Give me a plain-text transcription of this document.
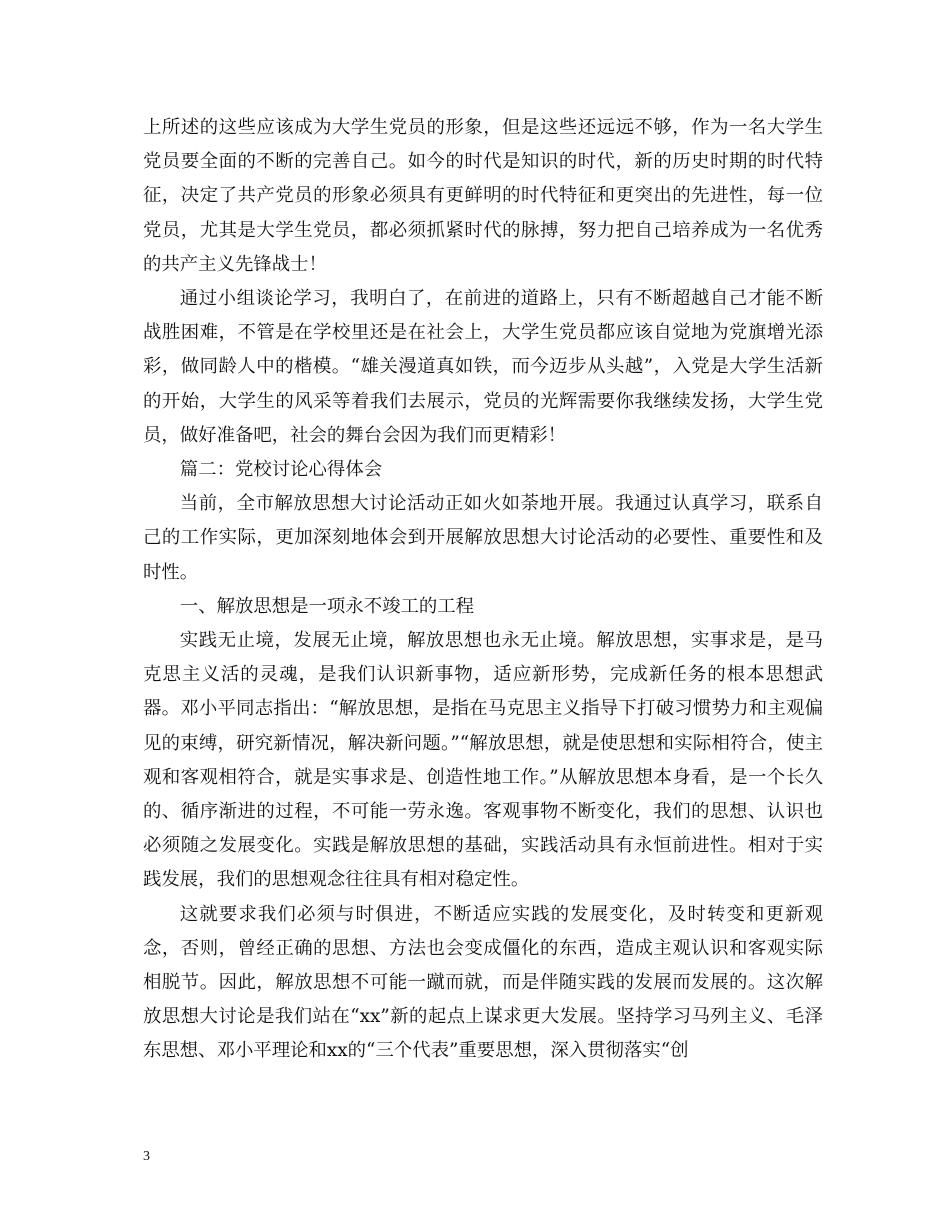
上所述的这些应该成为大学生党员的形象，但是这些还远远不够，作为一名大学生党员要全面的不断的完善自己。如今的时代是知识的时代，新的历史时期的时代特征，决定了共产党员的形象必须具有更鲜明的时代特征和更突出的先进性，每一位党员，尤其是大学生党员，都必须抓紧时代的脉搏，努力把自己培养成为一名优秀的共产主义先锋战士！

通过小组谈论学习，我明白了，在前进的道路上，只有不断超越自己才能不断战胜困难，不管是在学校里还是在社会上，大学生党员都应该自觉地为党旗增光添彩，做同龄人中的楷模。“雄关漫道真如铁，而今迈步从头越”，入党是大学生活新的开始，大学生的风采等着我们去展示，党员的光辉需要你我继续发扬，大学生党员，做好准备吧，社会的舞台会因为我们而更精彩！

篇二：党校讨论心得体会

当前，全市解放思想大讨论活动正如火如荼地开展。我通过认真学习，联系自己的工作实际，更加深刻地体会到开展解放思想大讨论活动的必要性、重要性和及时性。

一、解放思想是一项永不竣工的工程

实践无止境，发展无止境，解放思想也永无止境。解放思想，实事求是，是马克思主义活的灵魂，是我们认识新事物，适应新形势，完成新任务的根本思想武器。邓小平同志指出：“解放思想，是指在马克思主义指导下打破习惯势力和主观偏见的束缚，研究新情况，解决新问题。”“解放思想，就是使思想和实际相符合，使主观和客观相符合，就是实事求是、创造性地工作。”从解放思想本身看，是一个长久的、循序渐进的过程，不可能一劳永逸。客观事物不断变化，我们的思想、认识也必须随之发展变化。实践是解放思想的基础，实践活动具有永恒前进性。相对于实践发展，我们的思想观念往往具有相对稳定性。

这就要求我们必须与时俱进，不断适应实践的发展变化，及时转变和更新观念，否则，曾经正确的思想、方法也会变成僵化的东西，造成主观认识和客观实际相脱节。因此，解放思想不可能一蹴而就，而是伴随实践的发展而发展的。这次解放思想大讨论是我们站在“xx”新的起点上谋求更大发展。坚持学习马列主义、毛泽东思想、邓小平理论和xx的“三个代表”重要思想，深入贯彻落实“创

3
